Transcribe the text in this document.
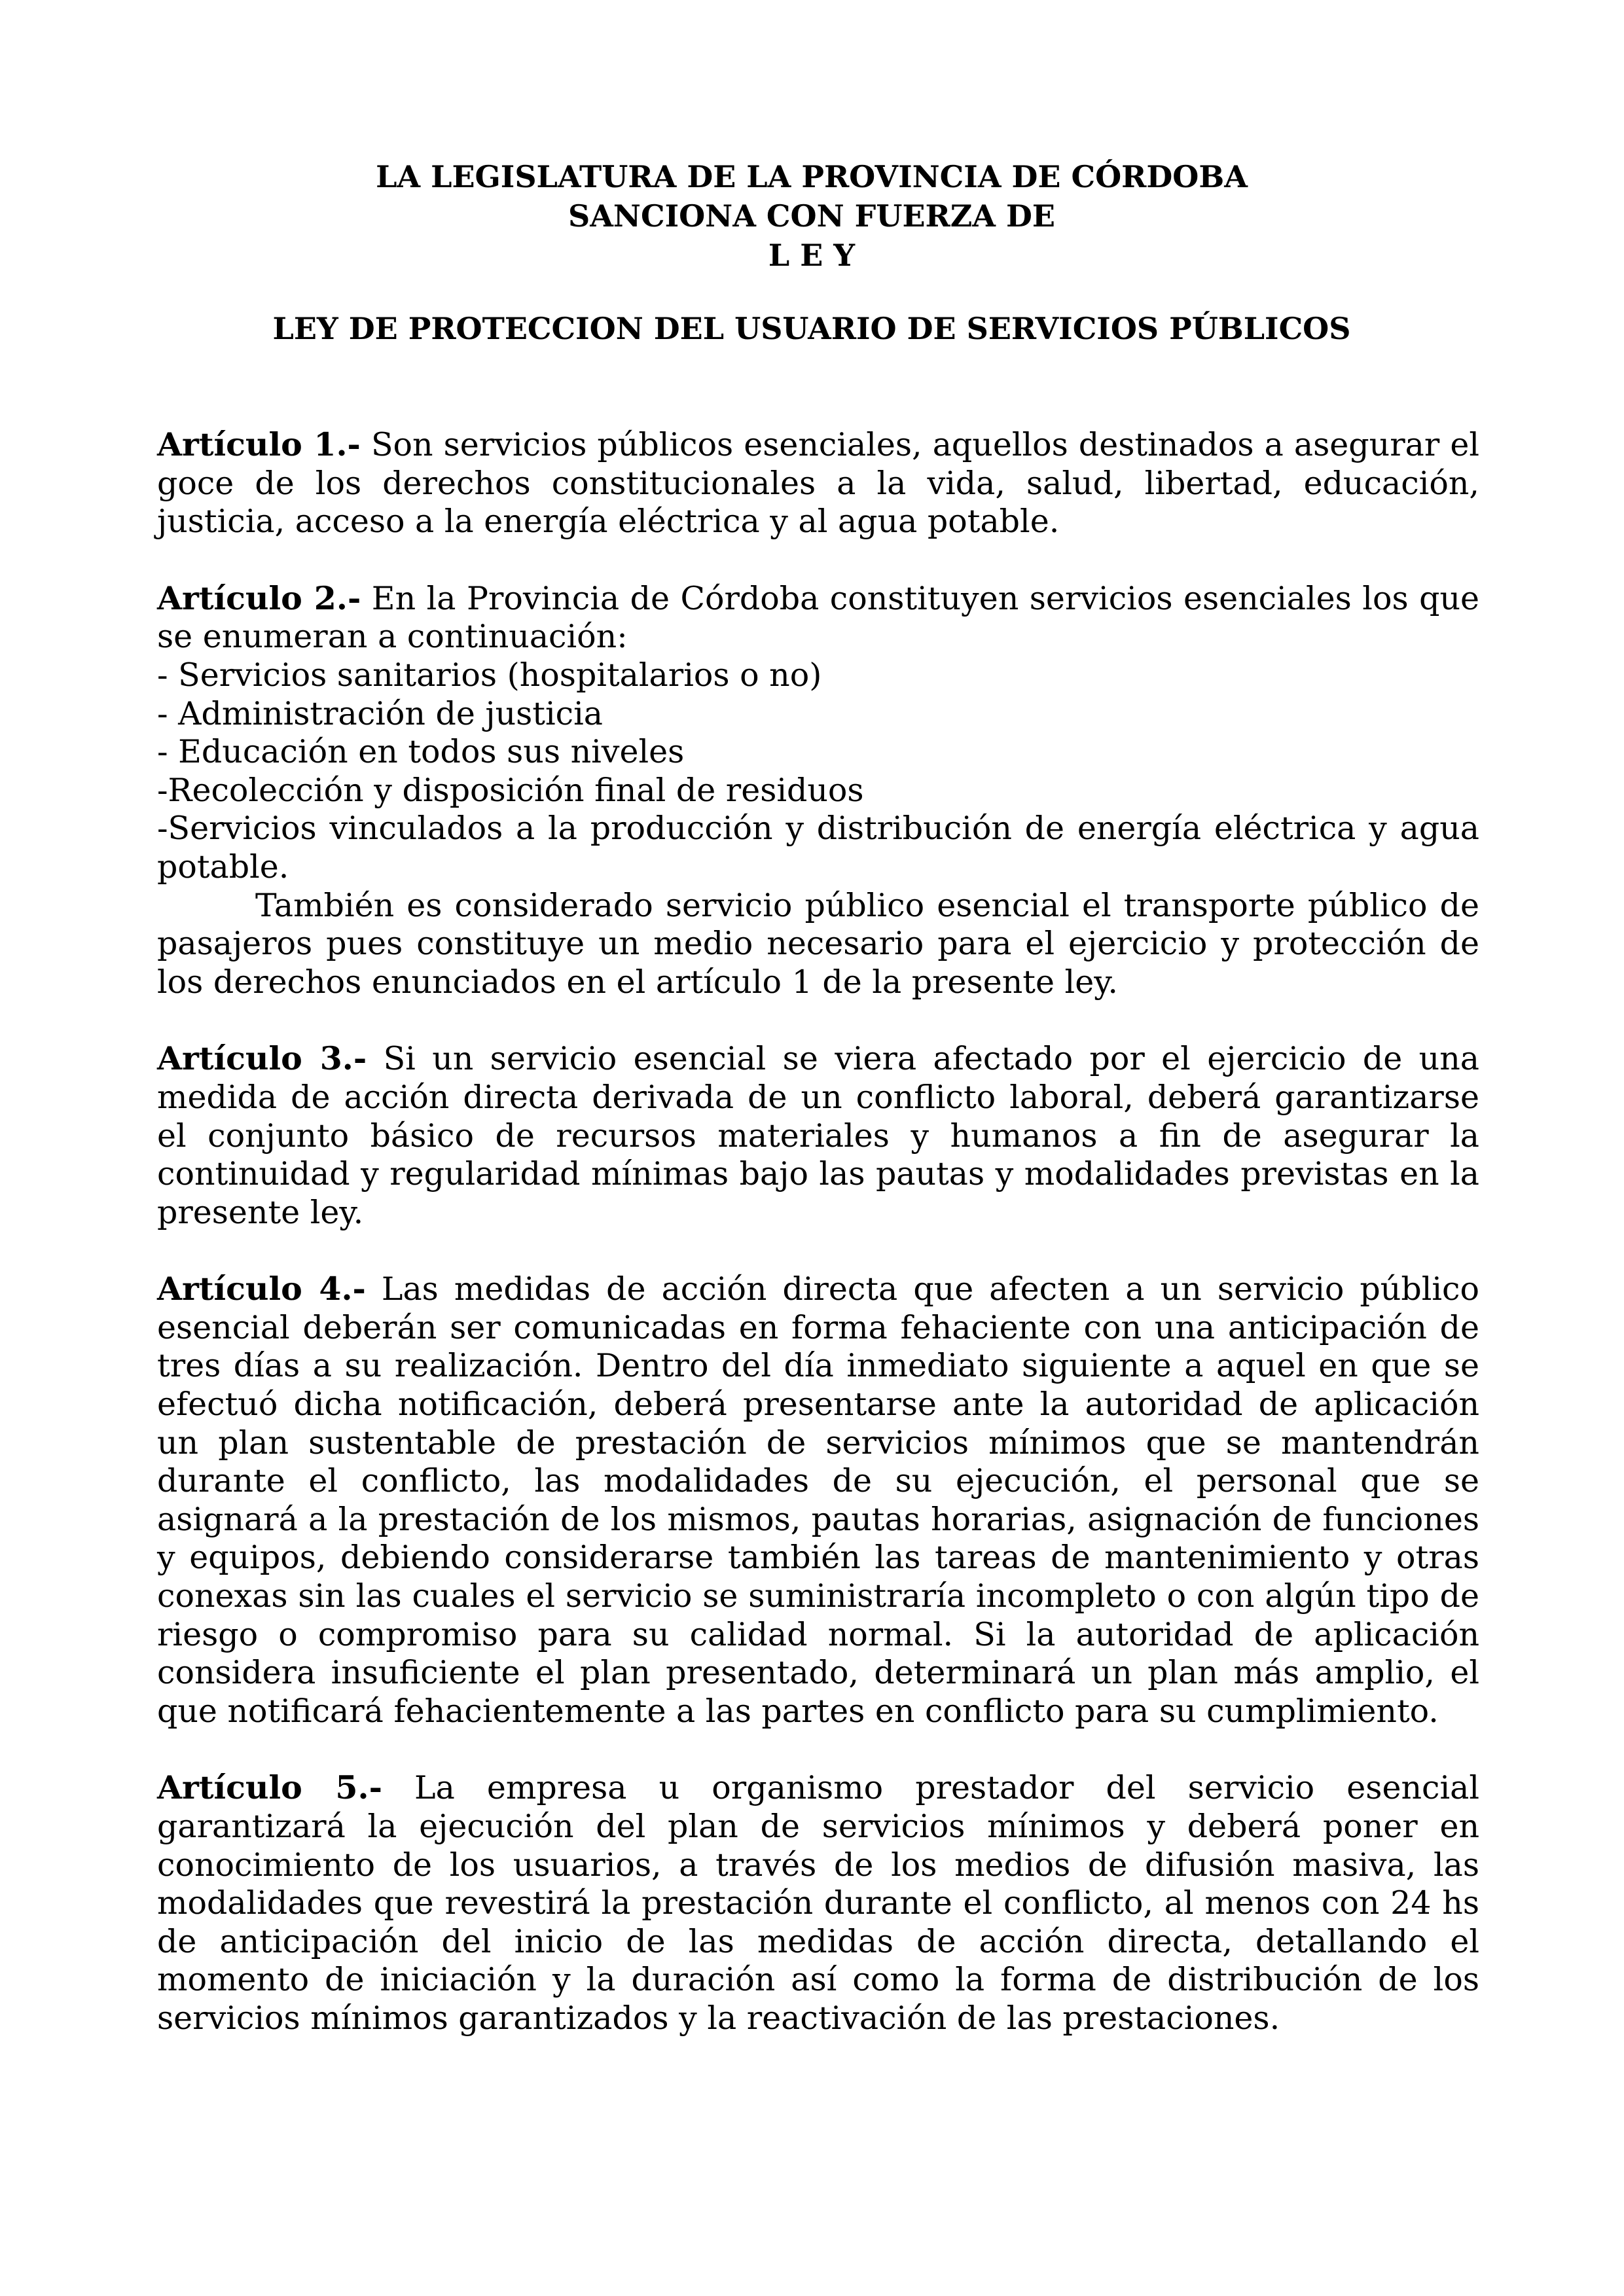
LA LEGISLATURA DE LA PROVINCIA DE CÓRDOBA
SANCIONA CON FUERZA DE
L E Y
LEY DE PROTECCION DEL USUARIO DE SERVICIOS PÚBLICOS

Artículo 1.- Son servicios públicos esenciales, aquellos destinados a asegurar el goce de los derechos constitucionales a la vida, salud, libertad, educación, justicia, acceso a la energía eléctrica y al agua potable.

Artículo 2.- En la Provincia de Córdoba constituyen servicios esenciales los que se enumeran a continuación:

- Servicios sanitarios (hospitalarios o no)
- Administración de justicia
- Educación en todos sus niveles
-Recolección y disposición final de residuos
-Servicios vinculados a la producción y distribución de energía eléctrica y agua potable.

También es considerado servicio público esencial el transporte público de pasajeros pues constituye un medio necesario para el ejercicio y protección de los derechos enunciados en el artículo 1 de la presente ley.

Artículo 3.- Si un servicio esencial se viera afectado por el ejercicio de una medida de acción directa derivada de un conflicto laboral, deberá garantizarse el conjunto básico de recursos materiales y humanos a fin de asegurar la continuidad y regularidad mínimas bajo las pautas y modalidades previstas en la presente ley.

Artículo 4.- Las medidas de acción directa que afecten a un servicio público esencial deberán ser comunicadas en forma fehaciente con una anticipación de tres días a su realización. Dentro del día inmediato siguiente a aquel en que se efectuó dicha notificación, deberá presentarse ante la autoridad de aplicación un plan sustentable de prestación de servicios mínimos que se mantendrán durante el conflicto, las modalidades de su ejecución, el personal que se asignará a la prestación de los mismos, pautas horarias, asignación de funciones y equipos, debiendo considerarse también las tareas de mantenimiento y otras conexas sin las cuales el servicio se suministraría incompleto o con algún tipo de riesgo o compromiso para su calidad normal. Si la autoridad de aplicación considera insuficiente el plan presentado, determinará un plan más amplio, el que notificará fehacientemente a las partes en conflicto para su cumplimiento.

Artículo 5.- La empresa u organismo prestador del servicio esencial garantizará la ejecución del plan de servicios mínimos y deberá poner en conocimiento de los usuarios, a través de los medios de difusión masiva, las modalidades que revestirá la prestación durante el conflicto, al menos con 24 hs de anticipación del inicio de las medidas de acción directa, detallando el momento de iniciación y la duración así como la forma de distribución de los servicios mínimos garantizados y la reactivación de las prestaciones.
